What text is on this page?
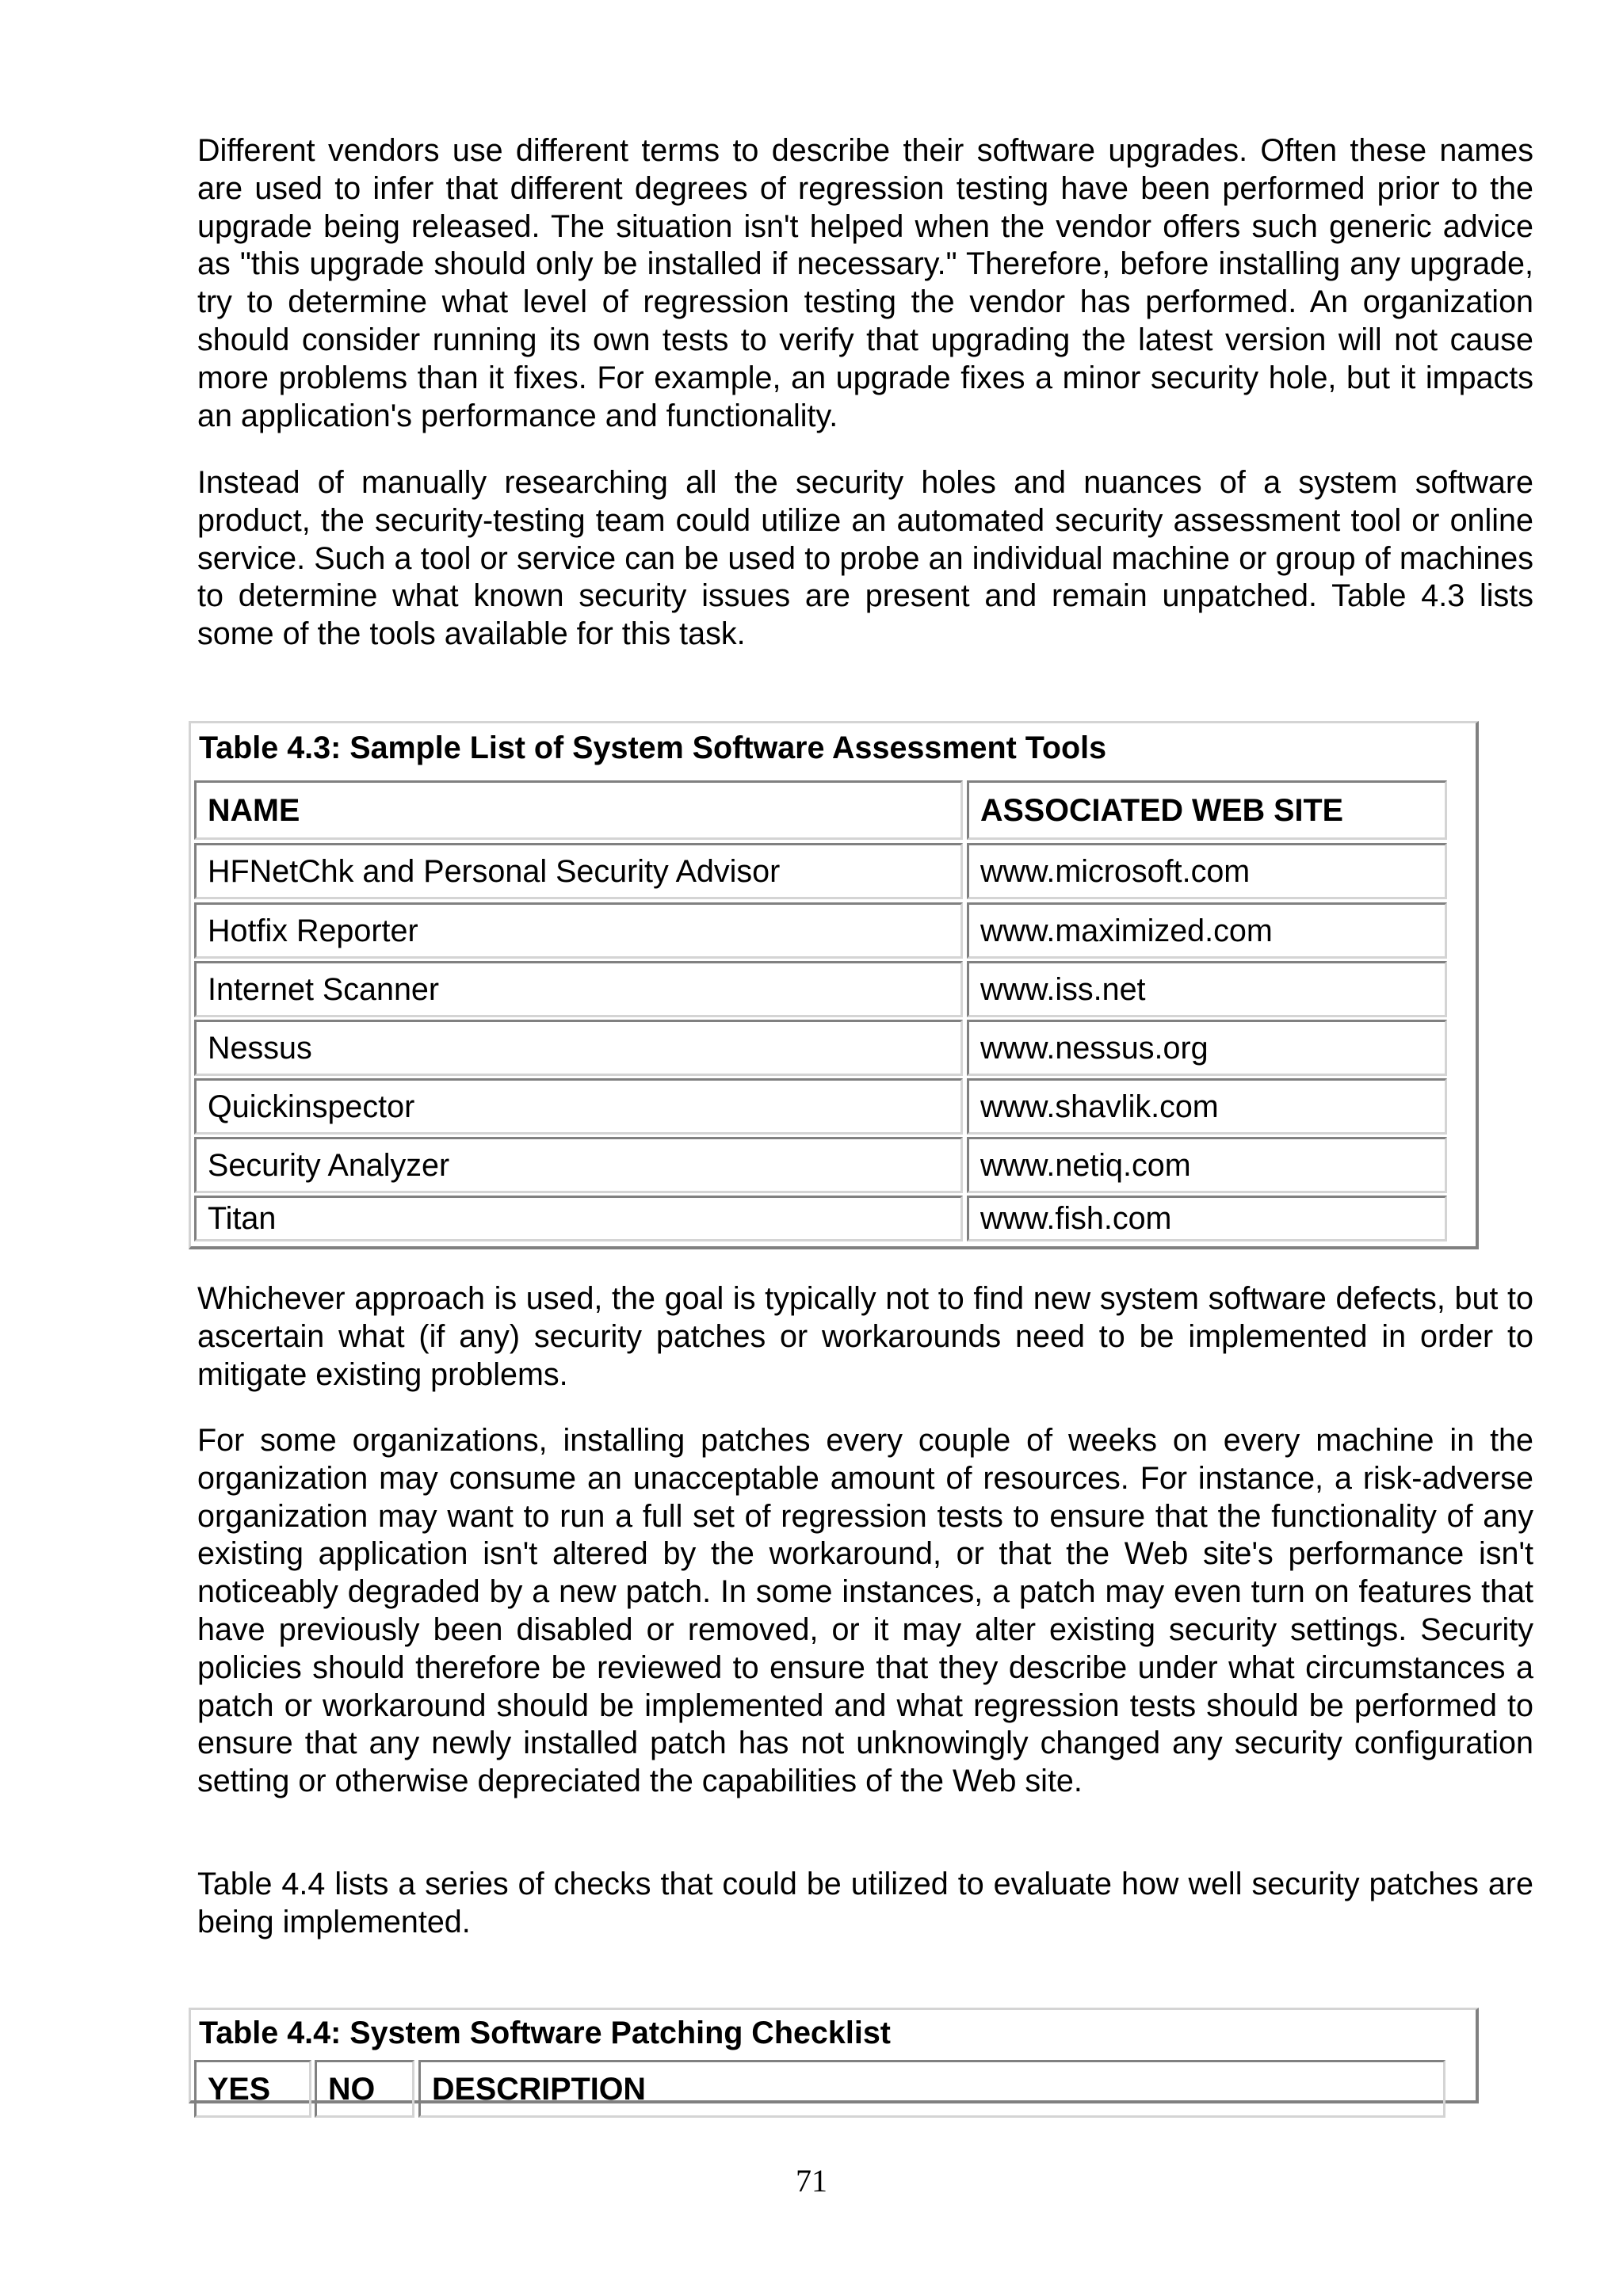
Different vendors use different terms to describe their software upgrades. Often these names are used to infer that different degrees of regression testing have been performed prior to the upgrade being released. The situation isn't helped when the vendor offers such generic advice as "this upgrade should only be installed if necessary." Therefore, before installing any upgrade, try to determine what level of regression testing the vendor has performed. An organization should consider running its own tests to verify that upgrading the latest version will not cause more problems than it fixes. For example, an upgrade fixes a minor security hole, but it impacts an application's performance and functionality.

Instead of manually researching all the security holes and nuances of a system software product, the security-testing team could utilize an automated security assessment tool or online service. Such a tool or service can be used to probe an individual machine or group of machines to determine what known security issues are present and remain unpatched. Table 4.3 lists some of the tools available for this task.

Table 4.3: Sample List of System Software Assessment Tools
NAME	ASSOCIATED WEB SITE
HFNetChk and Personal Security Advisor	www.microsoft.com
Hotfix Reporter	www.maximized.com
Internet Scanner	www.iss.net
Nessus	www.nessus.org
Quickinspector	www.shavlik.com
Security Analyzer	www.netiq.com
Titan	www.fish.com

Whichever approach is used, the goal is typically not to find new system software defects, but to ascertain what (if any) security patches or workarounds need to be implemented in order to mitigate existing problems.

For some organizations, installing patches every couple of weeks on every machine in the organization may consume an unacceptable amount of resources. For instance, a risk-adverse organization may want to run a full set of regression tests to ensure that the functionality of any existing application isn't altered by the workaround, or that the Web site's performance isn't noticeably degraded by a new patch. In some instances, a patch may even turn on features that have previously been disabled or removed, or it may alter existing security settings. Security policies should therefore be reviewed to ensure that they describe under what circumstances a patch or workaround should be implemented and what regression tests should be performed to ensure that any newly installed patch has not unknowingly changed any security configuration setting or otherwise depreciated the capabilities of the Web site.

Table 4.4 lists a series of checks that could be utilized to evaluate how well security patches are being implemented.

Table 4.4: System Software Patching Checklist
YES	NO	DESCRIPTION
71
